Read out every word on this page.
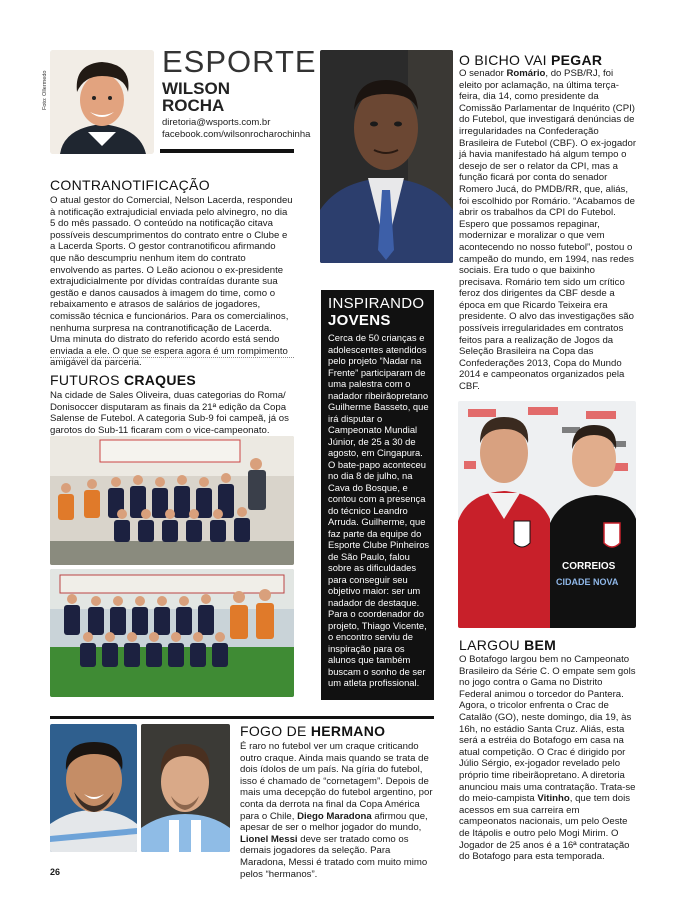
Foto: Ollermedo
ESPORTE
WILSON
ROCHA
diretoria@wsports.com.br
facebook.com/wilsonrocharochinha
CONTRANOTIFICAÇÃO
O atual gestor do Comercial, Nelson Lacerda, respondeu à notificação extrajudicial enviada pelo alvinegro, no dia 5 do mês passado. O conteúdo na notificação citava possíveis descumprimentos do contrato entre o Clube e a Lacerda Sports. O gestor contranotificou afirmando que não descumpriu nenhum item do contrato envolvendo as partes. O Leão acionou o ex-presidente extrajudicialmente por dívidas contraídas durante sua gestão e danos causados à imagem do time, como o rebaixamento e atrasos de salários de jogadores, comissão técnica e funcionários. Para os comercialinos, nenhuma surpresa na contranotificação de Lacerda. Uma minuta do distrato do referido acordo está sendo enviada a ele. O que se espera agora é um rompimento amigável da parceria.
FUTUROS CRAQUES
Na cidade de Sales Oliveira, duas categorias do Roma/ Donisoccer disputaram as finais da 21ª edição da Copa Salense de Futebol. A categoria Sub-9 foi campeã, já os garotos do Sub-11 ficaram com o vice-campeonato.
O BICHO VAI PEGAR
O senador Romário, do PSB/RJ, foi eleito por aclamação, na última terça-feira, dia 14, como presidente da Comissão Parlamentar de Inquérito (CPI) do Futebol, que investigará denúncias de irregularidades na Confederação Brasileira de Futebol (CBF). O ex-jogador já havia manifestado há algum tempo o desejo de ser o relator da CPI, mas a função ficará por conta do senador Romero Jucá, do PMDB/RR, que, aliás, foi escolhido por Romário. “Acabamos de abrir os trabalhos da CPI do Futebol. Espero que possamos repaginar, modernizar e moralizar o que vem acontecendo no nosso futebol”, postou o campeão do mundo, em 1994, nas redes sociais. Era tudo o que baixinho precisava. Romário tem sido um crítico feroz dos dirigentes da CBF desde a época em que Ricardo Teixeira era presidente. O alvo das investigações são possíveis irregularidades em contratos feitos para a realização de Jogos da Seleção Brasileira na Copa das Confederações 2013, Copa do Mundo 2014 e campeonatos organizados pela CBF.
INSPIRANDO
JOVENS
Cerca de 50 crianças e adolescentes atendidos pelo projeto “Nadar na Frente” participaram de uma palestra com o nadador ribeirãopretano Guilherme Basseto, que irá disputar o Campeonato Mundial Júnior, de 25 a 30 de agosto, em Cingapura. O bate-papo aconteceu no dia 8 de julho, na Cava do Bosque, e contou com a presença do técnico Leandro Arruda. Guilherme, que faz parte da equipe do Esporte Clube Pinheiros de São Paulo, falou sobre as dificuldades para conseguir seu objetivo maior: ser um nadador de destaque. Para o coordenador do projeto, Thiago Vicente, o encontro serviu de inspiração para os alunos que também buscam o sonho de ser um atleta profissional.
CORREIOS
CIDADE NOVA
LARGOU BEM
O Botafogo largou bem no Campeonato Brasileiro da Série C. O empate sem gols no jogo contra o Gama no Distrito Federal animou o torcedor do Pantera. Agora, o tricolor enfrenta o Crac de Catalão (GO), neste domingo, dia 19, às 16h, no estádio Santa Cruz. Aliás, esta será a estréia do Botafogo em casa na atual competição. O Crac é dirigido por Júlio Sérgio, ex-jogador revelado pelo próprio time ribeirãopretano. A diretoria anunciou mais uma contratação. Trata-se do meio-campista Vitinho, que tem dois acessos em sua carreira em campeonatos nacionais, um pelo Oeste de Itápolis e outro pelo Mogi Mirim. O Jogador de 25 anos é a 16ª contratação do Botafogo para esta temporada.
FOGO DE HERMANO
É raro no futebol ver um craque criticando outro craque. Ainda mais quando se trata de dois ídolos de um país. Na gíria do futebol, isso é chamado de “cornetagem”. Depois de mais uma decepção do futebol argentino, por conta da derrota na final da Copa América para o Chile, Diego Maradona afirmou que, apesar de ser o melhor jogador do mundo, Lionel Messi deve ser tratado como os demais jogadores da seleção. Para Maradona, Messi é tratado com muito mimo pelos “hermanos”.
26
